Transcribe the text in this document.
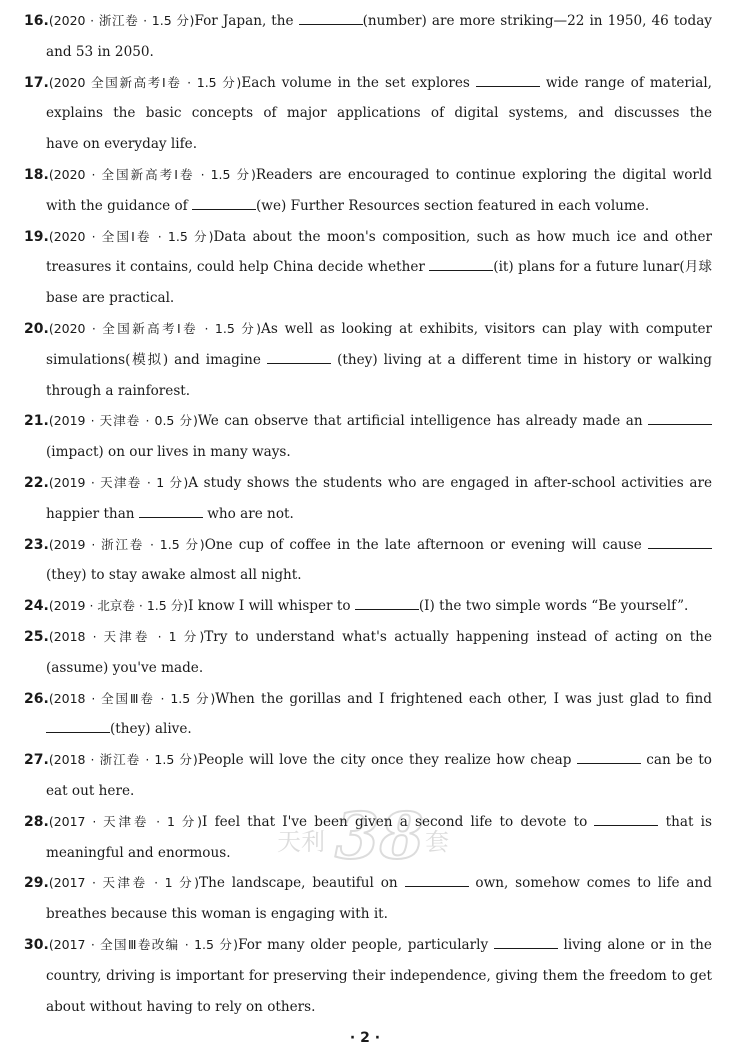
16.(2020 · 浙江卷 · 1.5 分)For Japan, the	(number) are more striking—22 in 1950, 46 today
and 53 in 2050.
17.(2020 全国新高考Ⅰ卷 · 1.5 分)Each volume in the set explores	wide range of material,
explains the basic concepts of major applications of digital systems, and discusses the
have on everyday life.
18.(2020 · 全国新高考Ⅰ卷 · 1.5 分)Readers are encouraged to continue exploring the digital world
with the guidance of	(we) Further Resources section featured in each volume.
19.(2020 · 全国Ⅰ卷 · 1.5 分)Data about the moon's composition, such as how much ice and other
treasures it contains, could help China decide whether	(it) plans for a future lunar(月球
base are practical.
20.(2020 · 全国新高考Ⅰ卷 · 1.5 分)As well as looking at exhibits, visitors can play with computer
simulations(模拟) and imagine	(they) living at a different time in history or walking
through a rainforest.
21.(2019 · 天津卷 · 0.5 分)We can observe that artificial intelligence has already made an
(impact) on our lives in many ways.
22.(2019 · 天津卷 · 1 分)A study shows the students who are engaged in after-school activities are
happier than	who are not.
23.(2019 · 浙江卷 · 1.5 分)One cup of coffee in the late afternoon or evening will cause
(they) to stay awake almost all night.
24.(2019 · 北京卷 · 1.5 分)I know I will whisper to	(I) the two simple words “Be yourself”.
25.(2018 · 天津卷 · 1 分)Try to understand what's actually happening instead of acting on the
(assume) you've made.
26.(2018 · 全国Ⅲ卷 · 1.5 分)When the gorillas and I frightened each other, I was just glad to find
(they) alive.
27.(2018 · 浙江卷 · 1.5 分)People will love the city once they realize how cheap	can be to
eat out here.
28.(2017 · 天津卷 · 1 分)I feel that I've been given a second life to devote to	that is
meaningful and enormous.
29.(2017 · 天津卷 · 1 分)The landscape, beautiful on	own, somehow comes to life and
breathes because this woman is engaging with it.
30.(2017 · 全国Ⅲ卷改编 · 1.5 分)For many older people, particularly	living alone or in the
country, driving is important for preserving their independence, giving them the freedom to get
about without having to rely on others.
天利 38 套
· 2 ·
